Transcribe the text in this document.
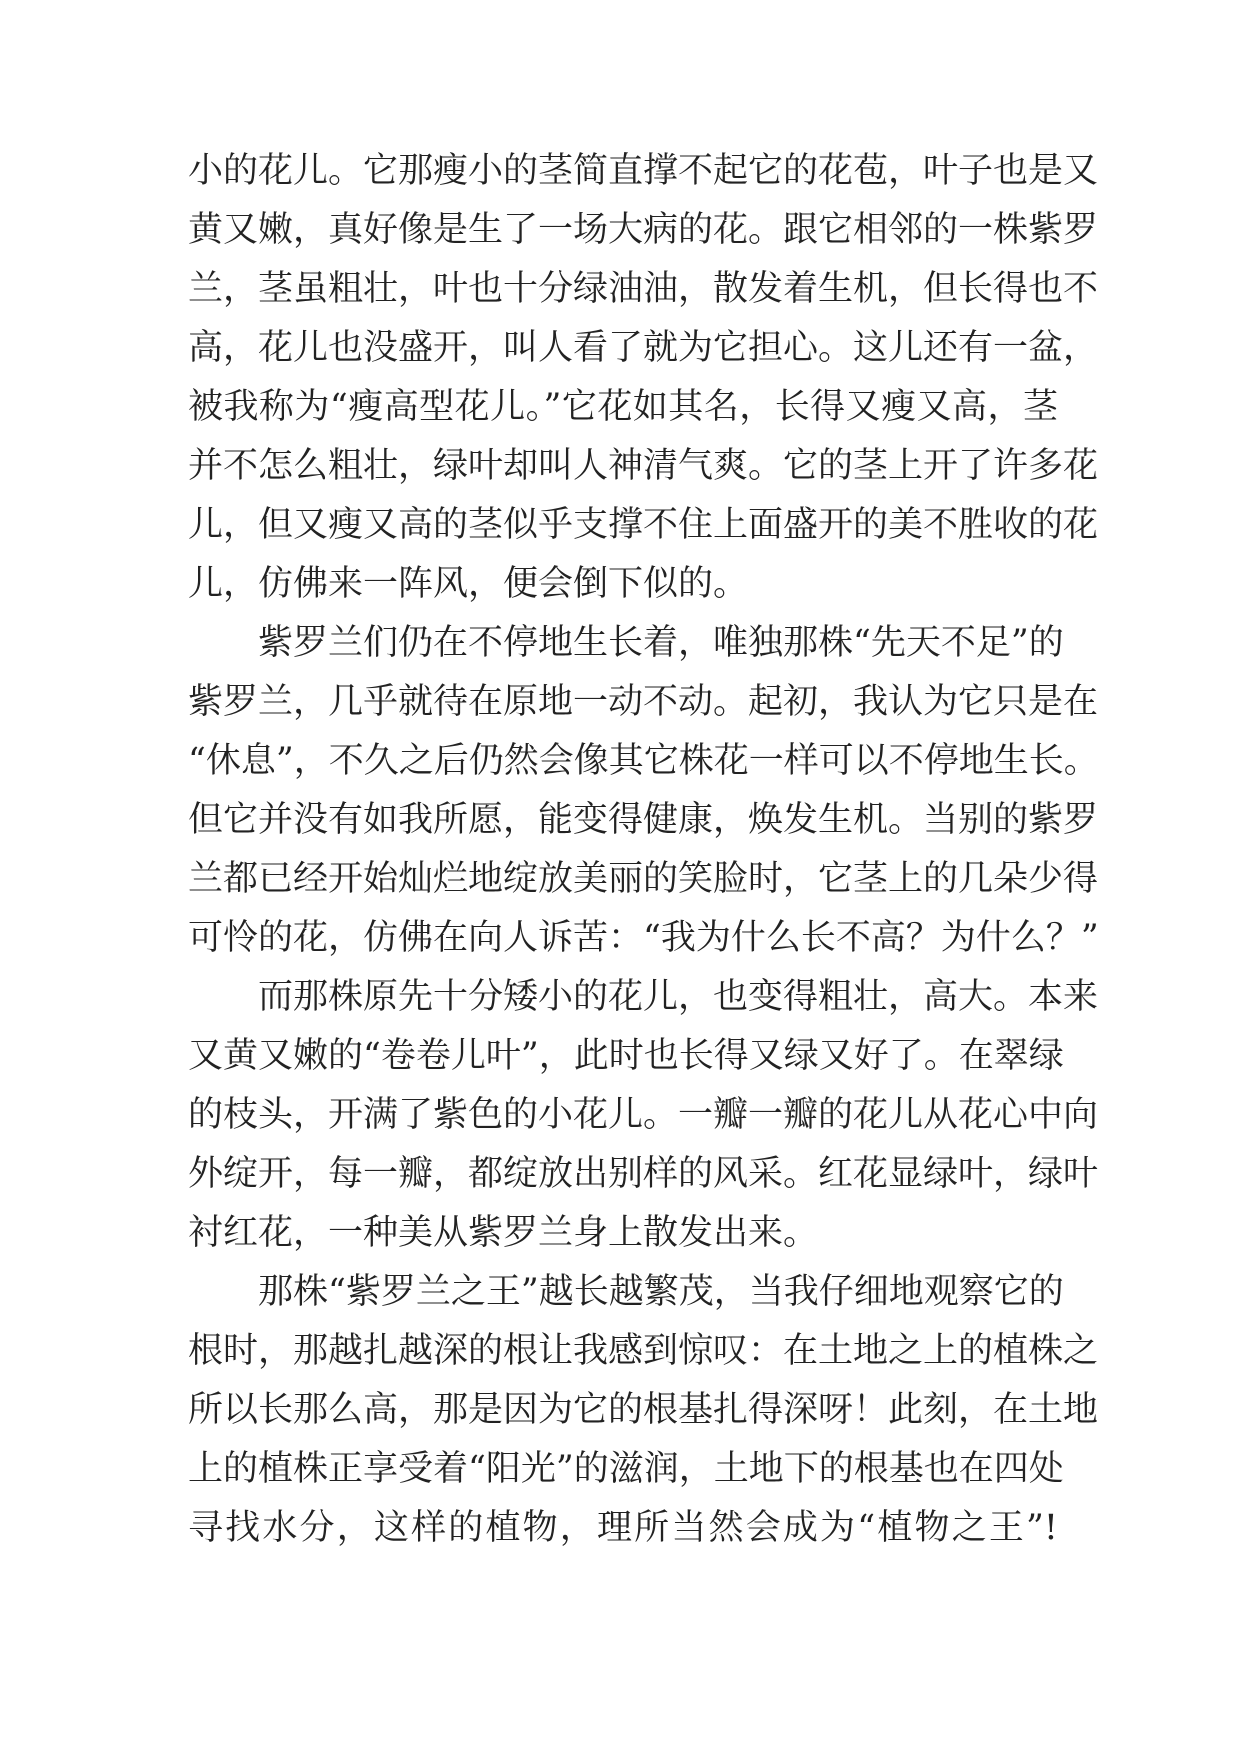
小的花儿。它那瘦小的茎简直撑不起它的花苞，叶子也是又
黄又嫩，真好像是生了一场大病的花。跟它相邻的一株紫罗
兰，茎虽粗壮，叶也十分绿油油，散发着生机，但长得也不
高，花儿也没盛开，叫人看了就为它担心。这儿还有一盆，
被我称为“瘦高型花儿。”它花如其名，长得又瘦又高，茎
并不怎么粗壮，绿叶却叫人神清气爽。它的茎上开了许多花
儿，但又瘦又高的茎似乎支撑不住上面盛开的美不胜收的花
儿，仿佛来一阵风，便会倒下似的。
紫罗兰们仍在不停地生长着，唯独那株“先天不足”的
紫罗兰，几乎就待在原地一动不动。起初，我认为它只是在
“休息”，不久之后仍然会像其它株花一样可以不停地生长。
但它并没有如我所愿，能变得健康，焕发生机。当别的紫罗
兰都已经开始灿烂地绽放美丽的笑脸时，它茎上的几朵少得
可怜的花，仿佛在向人诉苦：“我为什么长不高？为什么？”
而那株原先十分矮小的花儿，也变得粗壮，高大。本来
又黄又嫩的“卷卷儿叶”，此时也长得又绿又好了。在翠绿
的枝头，开满了紫色的小花儿。一瓣一瓣的花儿从花心中向
外绽开，每一瓣，都绽放出别样的风采。红花显绿叶，绿叶
衬红花，一种美从紫罗兰身上散发出来。
那株“紫罗兰之王”越长越繁茂，当我仔细地观察它的
根时，那越扎越深的根让我感到惊叹：在土地之上的植株之
所以长那么高，那是因为它的根基扎得深呀！此刻，在土地
上的植株正享受着“阳光”的滋润，土地下的根基也在四处
寻找水分，这样的植物，理所当然会成为“植物之王”!
